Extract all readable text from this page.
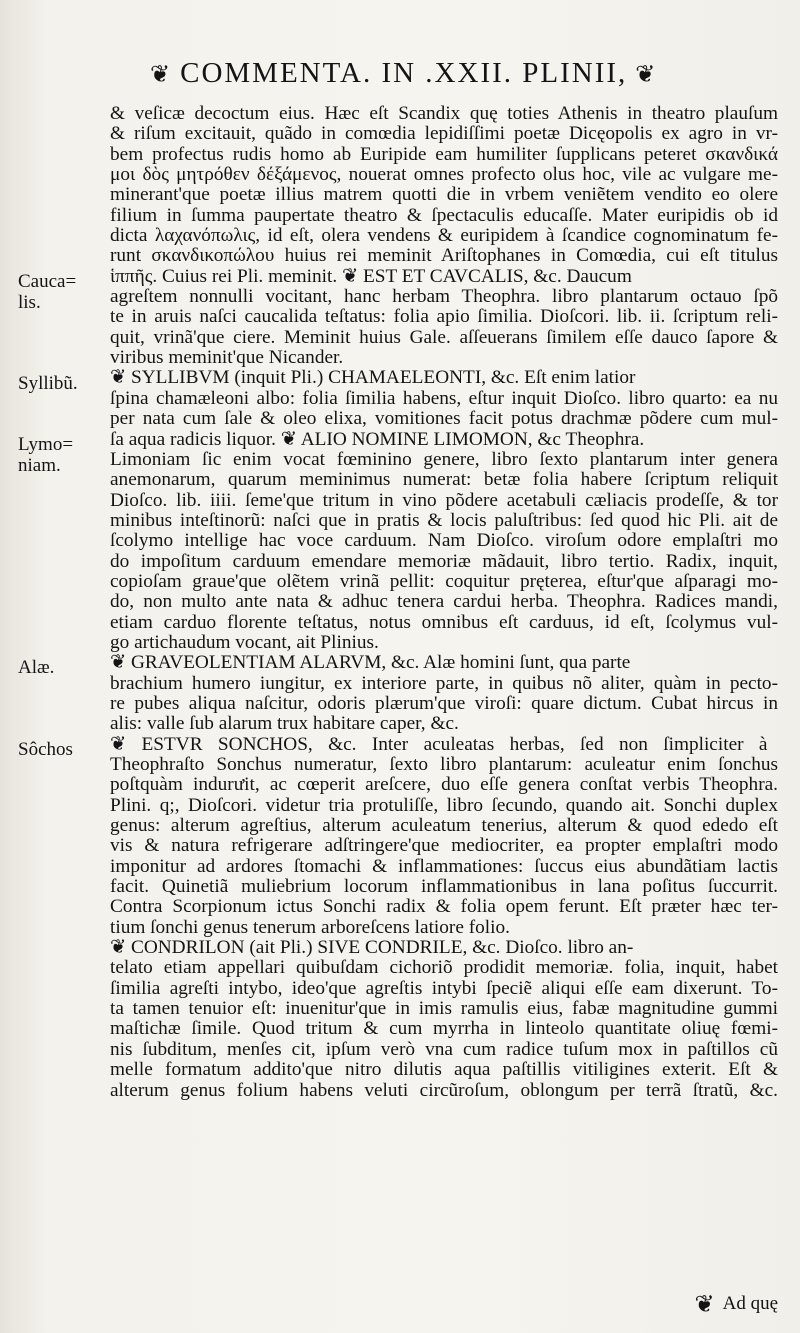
❦ COMMENTA. IN .XXII. PLINII, ❦
& veſicæ decoctum eius. Hæc eſt Scandix quę toties Athenis in theatro plauſum
& riſum excitauit, quãdo in comœdia lepidiſſimi poetæ Dicęopolis ex agro in vr-
bem profectus rudis homo ab Euripide eam humiliter ſupplicans peteret σκανδικά
μοι δὸς μητρόθεν δέξάμενος, nouerat omnes profecto olus hoc, vile ac vulgare me-
minerant'que poetæ illius matrem quotti die in vrbem veniẽtem vendito eo olere
filium in ſumma paupertate theatro & ſpectaculis educaſſe. Mater euripidis ob id
dicta λαχανόπωλις, id eſt, olera vendens & euripidem à ſcandice cognominatum fe-
runt σκανδικοπώλου huius rei meminit Ariſtophanes in Comœdia, cui eſt titulus
ἱππῆς. Cuius rei Pli. meminit. ❦ EST ET CAVCALIS, &c. Daucum
agreſtem nonnulli vocitant, hanc herbam Theophra. libro plantarum octauo ſpõ
te in aruis naſci caucalida teſtatus: folia apio ſimilia. Dioſcori. lib. ii. ſcriptum reli-
quit, vrinã'que ciere. Meminit huius Gale. aſſeuerans ſimilem eſſe dauco ſapore &
viribus meminit'que Nicander.
❦ SYLLIBVM (inquit Pli.) CHAMAELEONTI, &c. Eſt enim latior
ſpina chamæleoni albo: folia ſimilia habens, eſtur inquit Dioſco. libro quarto: ea nu
per nata cum ſale & oleo elixa, vomitiones facit potus drachmæ põdere cum mul-
ſa aqua radicis liquor. ❦ ALIO NOMINE LIMOMON, &c Theophra.
Limoniam ſic enim vocat fœminino genere, libro ſexto plantarum inter genera
anemonarum, quarum meminimus numerat: betæ folia habere ſcriptum reliquit
Dioſco. lib. iiii. ſeme'que tritum in vino põdere acetabuli cæliacis prodeſſe, & tor
minibus inteſtinorũ: naſci que in pratis & locis paluſtribus: ſed quod hic Pli. ait de
ſcolymo intellige hac voce carduum. Nam Dioſco. viroſum odore emplaſtri mo
do impoſitum carduum emendare memoriæ mãdauit, libro tertio. Radix, inquit,
copioſam graue'que olẽtem vrinã pellit: coquitur pręterea, eſtur'que aſparagi mo-
do, non multo ante nata & adhuc tenera cardui herba. Theophra. Radices mandi,
etiam carduo florente teſtatus, notus omnibus eſt carduus, id eſt, ſcolymus vul-
go artichaudum vocant, ait Plinius.
❦ GRAVEOLENTIAM ALARVM, &c. Alæ homini ſunt, qua parte
brachium humero iungitur, ex interiore parte, in quibus nõ aliter, quàm in pecto-
re pubes aliqua naſcitur, odoris plærum'que viroſi: quare dictum. Cubat hircus in
alis: valle ſub alarum trux habitare caper, &c.
❦ ESTVR SONCHOS, &c. Inter aculeatas herbas, ſed non ſimpliciter à
Theophraſto Sonchus numeratur, ſexto libro plantarum: aculeatur enim ſonchus
poſtquàm indurưit, ac cœperit areſcere, duo eſſe genera conſtat verbis Theophra.
Plini. q;, Dioſcori. videtur tria protuliſſe, libro ſecundo, quando ait. Sonchi duplex
genus: alterum agreſtius, alterum aculeatum tenerius, alterum & quod ededo eſt
vis & natura refrigerare adſtringere'que mediocriter, ea propter emplaſtri modo
imponitur ad ardores ſtomachi & inflammationes: ſuccus eius abundãtiam lactis
facit. Quinetiã muliebrium locorum inflammationibus in lana poſitus ſuccurrit.
Contra Scorpionum ictus Sonchi radix & folia opem ferunt. Eſt præter hæc ter-
tium ſonchi genus tenerum arboreſcens latiore folio.
❦ CONDRILON (ait Pli.) SIVE CONDRILE, &c. Dioſco. libro an-
telato etiam appellari quibuſdam cichoriõ prodidit memoriæ. folia, inquit, habet
ſimilia agreſti intybo, ideo'que agreſtis intybi ſpeciẽ aliqui eſſe eam dixerunt. To-
ta tamen tenuior eſt: inuenitur'que in imis ramulis eius, fabæ magnitudine gummi
maſtichæ ſimile. Quod tritum & cum myrrha in linteolo quantitate oliuę fœmi-
nis ſubditum, menſes cit, ipſum verò vna cum radice tuſum mox in paſtillos cũ
melle formatum addito'que nitro dilutis aqua paſtillis vitiligines exterit. Eſt &
alterum genus folium habens veluti circũroſum, oblongum per terrã ſtratũ, &c.
Cauca=
lis.
Syllibũ.
Lymo=
niam.
Alæ.
Sôchos
❦ Ad quę
